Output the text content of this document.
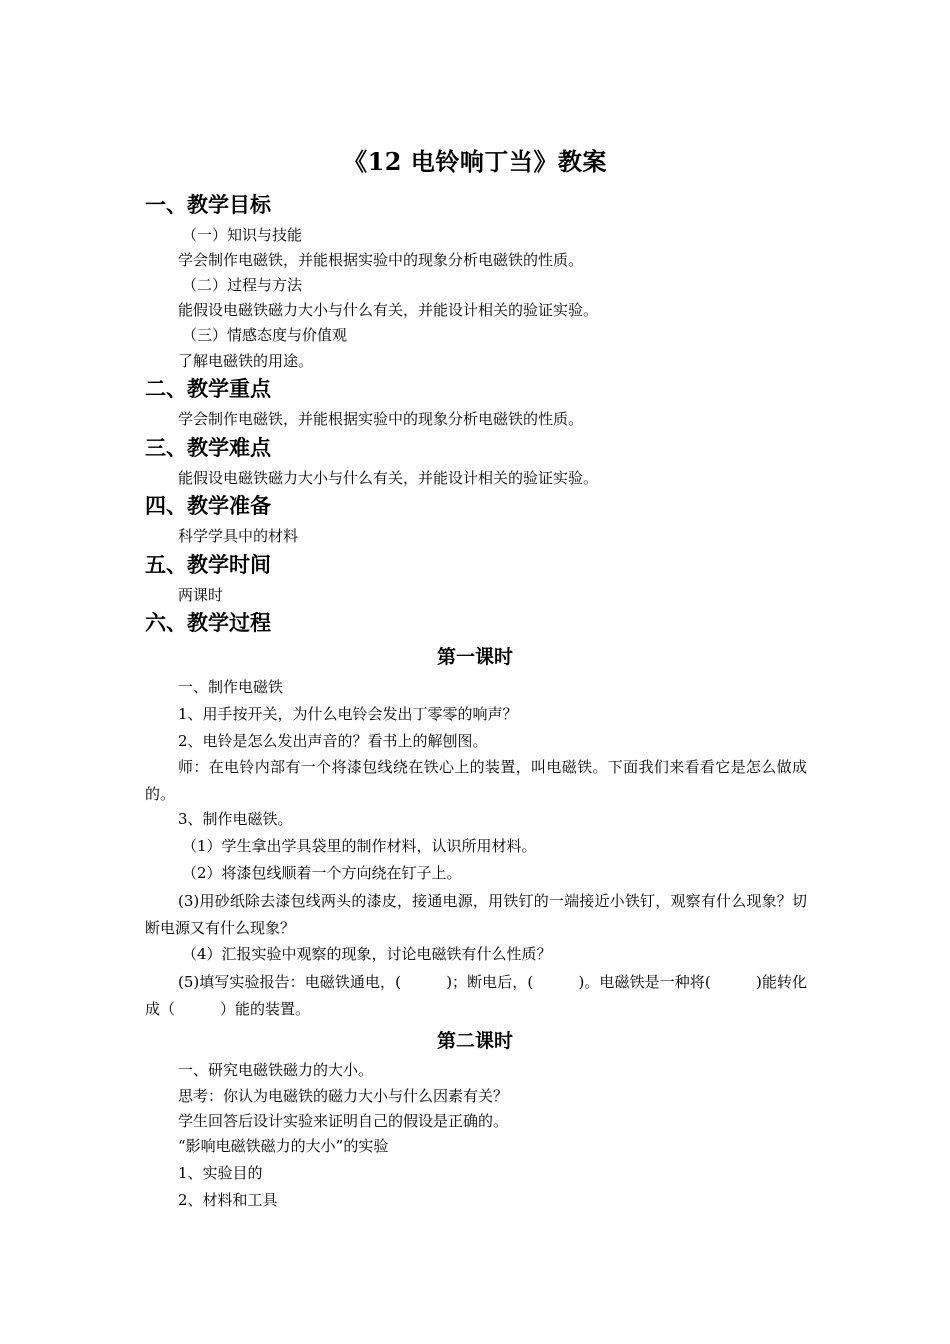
《12 电铃响丁当》教案
一、教学目标
（一）知识与技能
学会制作电磁铁，并能根据实验中的现象分析电磁铁的性质。
（二）过程与方法
能假设电磁铁磁力大小与什么有关，并能设计相关的验证实验。
（三）情感态度与价值观
了解电磁铁的用途。
二、教学重点
学会制作电磁铁，并能根据实验中的现象分析电磁铁的性质。
三、教学难点
能假设电磁铁磁力大小与什么有关，并能设计相关的验证实验。
四、教学准备
科学学具中的材料
五、教学时间
两课时
六、教学过程
第一课时
一、制作电磁铁
1、用手按开关，为什么电铃会发出丁零零的响声？
2、电铃是怎么发出声音的？看书上的解刨图。
师：在电铃内部有一个将漆包线绕在铁心上的装置，叫电磁铁。下面我们来看看它是怎么做成的。
3、制作电磁铁。
（1）学生拿出学具袋里的制作材料，认识所用材料。
（2）将漆包线顺着一个方向绕在钉子上。
(3)用砂纸除去漆包线两头的漆皮，接通电源，用铁钉的一端接近小铁钉，观察有什么现象？切断电源又有什么现象？
（4）汇报实验中观察的现象，讨论电磁铁有什么性质？
(5)填写实验报告：电磁铁通电，(　　　)；断电后，(　　　)。电磁铁是一种将(　　　)能转化成（　　　）能的装置。
第二课时
一、研究电磁铁磁力的大小。
思考：你认为电磁铁的磁力大小与什么因素有关？
学生回答后设计实验来证明自己的假设是正确的。
“影响电磁铁磁力的大小”的实验
1、实验目的
2、材料和工具
